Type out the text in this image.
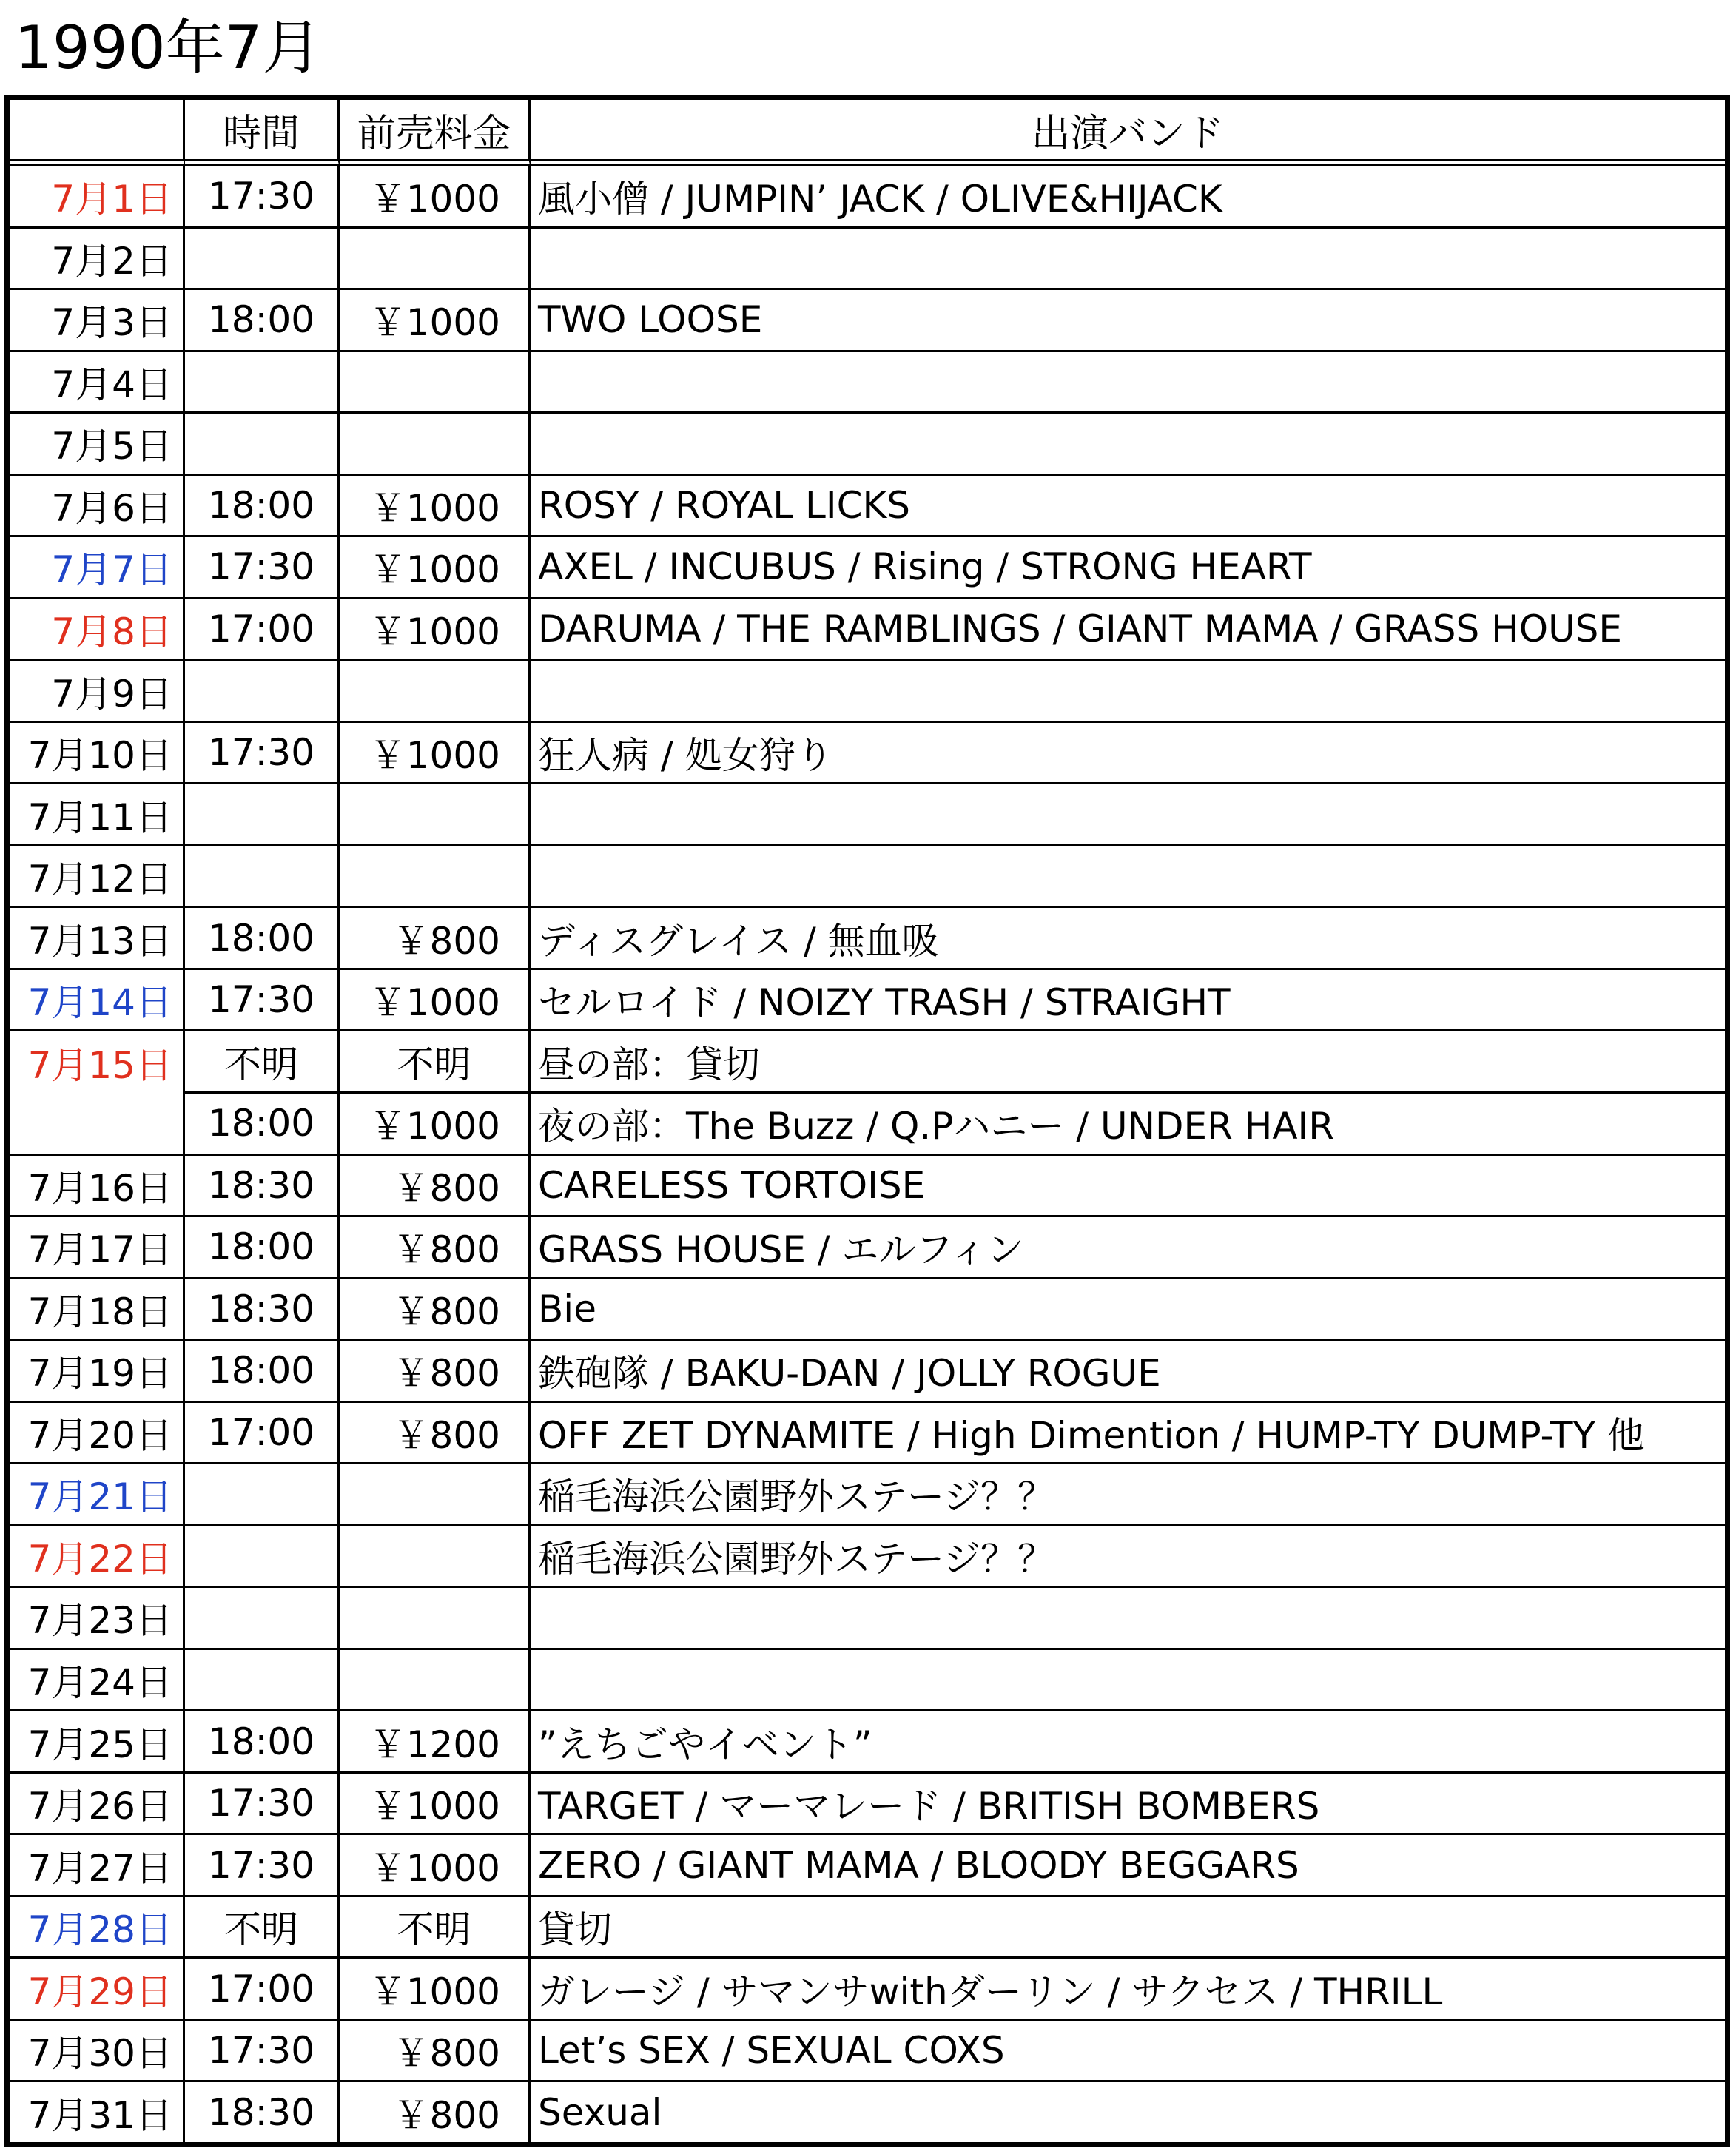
1990年7月
	時間	前売料金	出演バンド
7月1日	17:30	￥1000	風小僧 / JUMPIN’ JACK / OLIVE&HIJACK
7月2日			
7月3日	18:00	￥1000	TWO LOOSE
7月4日			
7月5日			
7月6日	18:00	￥1000	ROSY / ROYAL LICKS
7月7日	17:30	￥1000	AXEL / INCUBUS / Rising / STRONG HEART
7月8日	17:00	￥1000	DARUMA / THE RAMBLINGS / GIANT MAMA / GRASS HOUSE
7月9日			
7月10日	17:30	￥1000	狂人病 / 処女狩り
7月11日			
7月12日			
7月13日	18:00	￥800	ディスグレイス / 無血吸
7月14日	17:30	￥1000	セルロイド / NOIZY TRASH / STRAIGHT
7月15日	不明	不明	昼の部：貸切
	18:00	￥1000	夜の部：The Buzz / Q.Pハニー / UNDER HAIR
7月16日	18:30	￥800	CARELESS TORTOISE
7月17日	18:00	￥800	GRASS HOUSE / エルフィン
7月18日	18:30	￥800	Bie
7月19日	18:00	￥800	鉄砲隊 / BAKU-DAN / JOLLY ROGUE
7月20日	17:00	￥800	OFF ZET DYNAMITE / High Dimention / HUMP-TY DUMP-TY 他
7月21日			稲毛海浜公園野外ステージ？？
7月22日			稲毛海浜公園野外ステージ？？
7月23日			
7月24日			
7月25日	18:00	￥1200	”えちごやイベント”
7月26日	17:30	￥1000	TARGET / マーマレード / BRITISH BOMBERS
7月27日	17:30	￥1000	ZERO / GIANT MAMA / BLOODY BEGGARS
7月28日	不明	不明	貸切
7月29日	17:00	￥1000	ガレージ / サマンサwithダーリン / サクセス / THRILL
7月30日	17:30	￥800	Let’s SEX / SEXUAL COXS
7月31日	18:30	￥800	Sexual
